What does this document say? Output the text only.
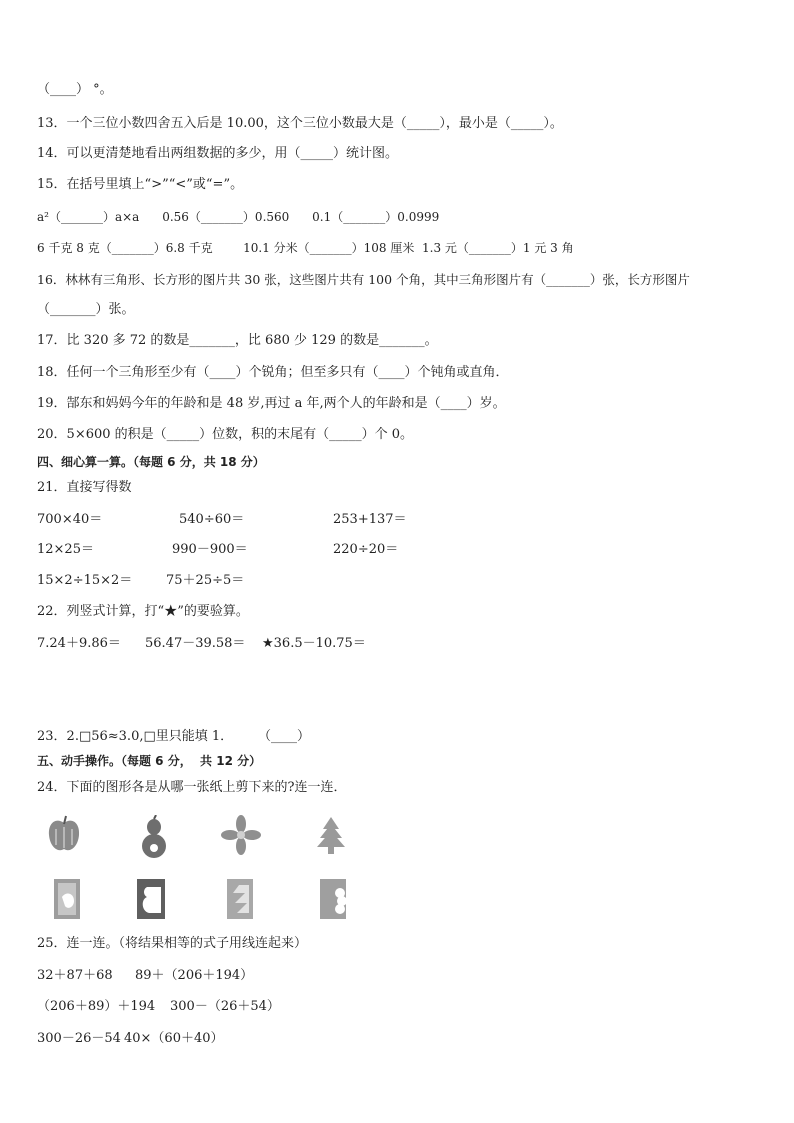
（____） °。
13．一个三位小数四舍五入后是 10.00，这个三位小数最大是（_____），最小是（_____）。
14．可以更清楚地看出两组数据的多少，用（_____）统计图。
15．在括号里填上“>”“<”或“=”。
a²（_______）a×a      0.56（_______）0.560      0.1（_______）0.0999
6 千克 8 克（_______）6.8 千克        10.1 分米（_______）108 厘米  1.3 元（_______）1 元 3 角
16．林林有三角形、长方形的图片共 30 张，这些图片共有 100 个角，其中三角形图片有（_______）张，长方形图片
（_______）张。
17．比 320 多 72 的数是_______，比 680 少 129 的数是_______。
18．任何一个三角形至少有（____）个锐角；但至多只有（____）个钝角或直角．
19．郜东和妈妈今年的年龄和是 48 岁,再过 a 年,两个人的年龄和是（____）岁。
20．5×600 的积是（_____）位数，积的末尾有（_____）个 0。
四、细心算一算。（每题 6 分，共 18 分）
21．直接写得数
700×40＝	540÷60＝	253+137＝
12×25＝	990－900＝	220÷20＝
15×2÷15×2＝	75＋25÷5＝
22．列竖式计算，打“★”的要验算。
7.24＋9.86＝ 56.47－39.58＝ ★36.5－10.75＝
23．2.□56≈3.0,□里只能填 1．      （____）
五、动手操作。（每题 6 分，  共 12 分）
24．下面的图形各是从哪一张纸上剪下来的?连一连．
25．连一连。（将结果相等的式子用线连起来）
32＋87＋68 89＋（206＋194）
（206＋89）＋194 300－（26＋54）
300－26－54 40×（60＋40）
